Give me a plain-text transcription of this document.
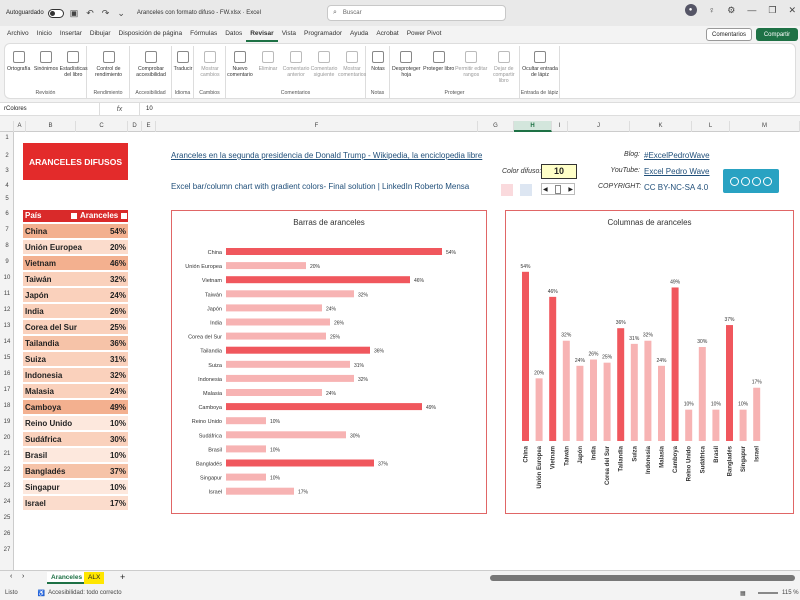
Autoguardado	▣ ↶ ↷ ⌄	Aranceles con formato difuso - FW.xlsx · Excel	⌕ Buscar	●	♀ ⚙ — ❐ ✕
Archivo	Inicio	Insertar	Dibujar	Disposición de página	Fórmulas	Datos	Revisar	Vista	Programador	Ayuda	Acrobat	Power Pivot	Comentarios	Compartir
Ortografía Sinónimos Estadísticas del libro
Revisión
Control de rendimiento
Rendimiento
Comprobar accesibilidad
Accesibilidad
Traducir
Idioma
Mostrar cambios
Cambios
Nuevo comentario
Eliminar	Comentario anterior
Comentario siguiente
Mostrar comentarios
Comentarios
Notas
Notas
Desproteger hoja
Proteger libro Permitir editar rangos
Dejar de compartir libro
Proteger
Ocultar entrada de lápiz
Entrada de lápiz
rColores	fx	10
A	B	C	D	E	F	G	H	I	J	K	L	M
1
2
3
4
5
6
7
8
9
10
11
12
13
14
15
16
17
18
19
20
21
22
23
24
25
26
27
ARANCELES DIFUSOS
País	Aranceles
China	54%
Unión Europea	20%
Vietnam	46%
Taiwán	32%
Japón	24%
India	26%
Corea del Sur	25%
Tailandia	36%
Suiza	31%
Indonesia	32%
Malasia	24%
Camboya	49%
Reino Unido	10%
Sudáfrica	30%
Brasil	10%
Bangladés	37%
Singapur	10%
Israel	17%
Aranceles en la segunda presidencia de Donald Trump - Wikipedia, la enciclopedia libre
Excel bar/column chart with gradient colors- Final solution | LinkedIn Roberto Mensa
Color difuso:	10
◀	▶
Blog: #ExcelPedroWave
YouTube: Excel Pedro Wave
COPYRIGHT: CC BY-NC-SA 4.0
Barras de aranceles
China	54%
Unión Europea	20%
Vietnam	46%
Taiwán	32%
Japón	24%
India	26%
Corea del Sur	25%
Tailandia	36%
Suiza	31%
Indonesia	32%
Malasia	24%
Camboya	49%
Reino Unido	10%
Sudáfrica	30%
Brasil	10%
Bangladés	37%
Singapur	10%
Israel	17%
Columnas de aranceles
54%
China
20%
Unión Europea
46%
Vietnam
32%
Taiwán
24%
Japón
26%
India
25%
Corea del Sur
36%
Tailandia
31%
Suiza
32%
Indonesia
24%
Malasia
49%
Camboya
10%
Reino Unido
30%
Sudáfrica
10%
Brasil
37%
Bangladés
10%
Singapur
17%
Israel
‹ ›	Aranceles ALX	+
Listo	♿ Accesibilidad: todo correcto	▦	115 %
